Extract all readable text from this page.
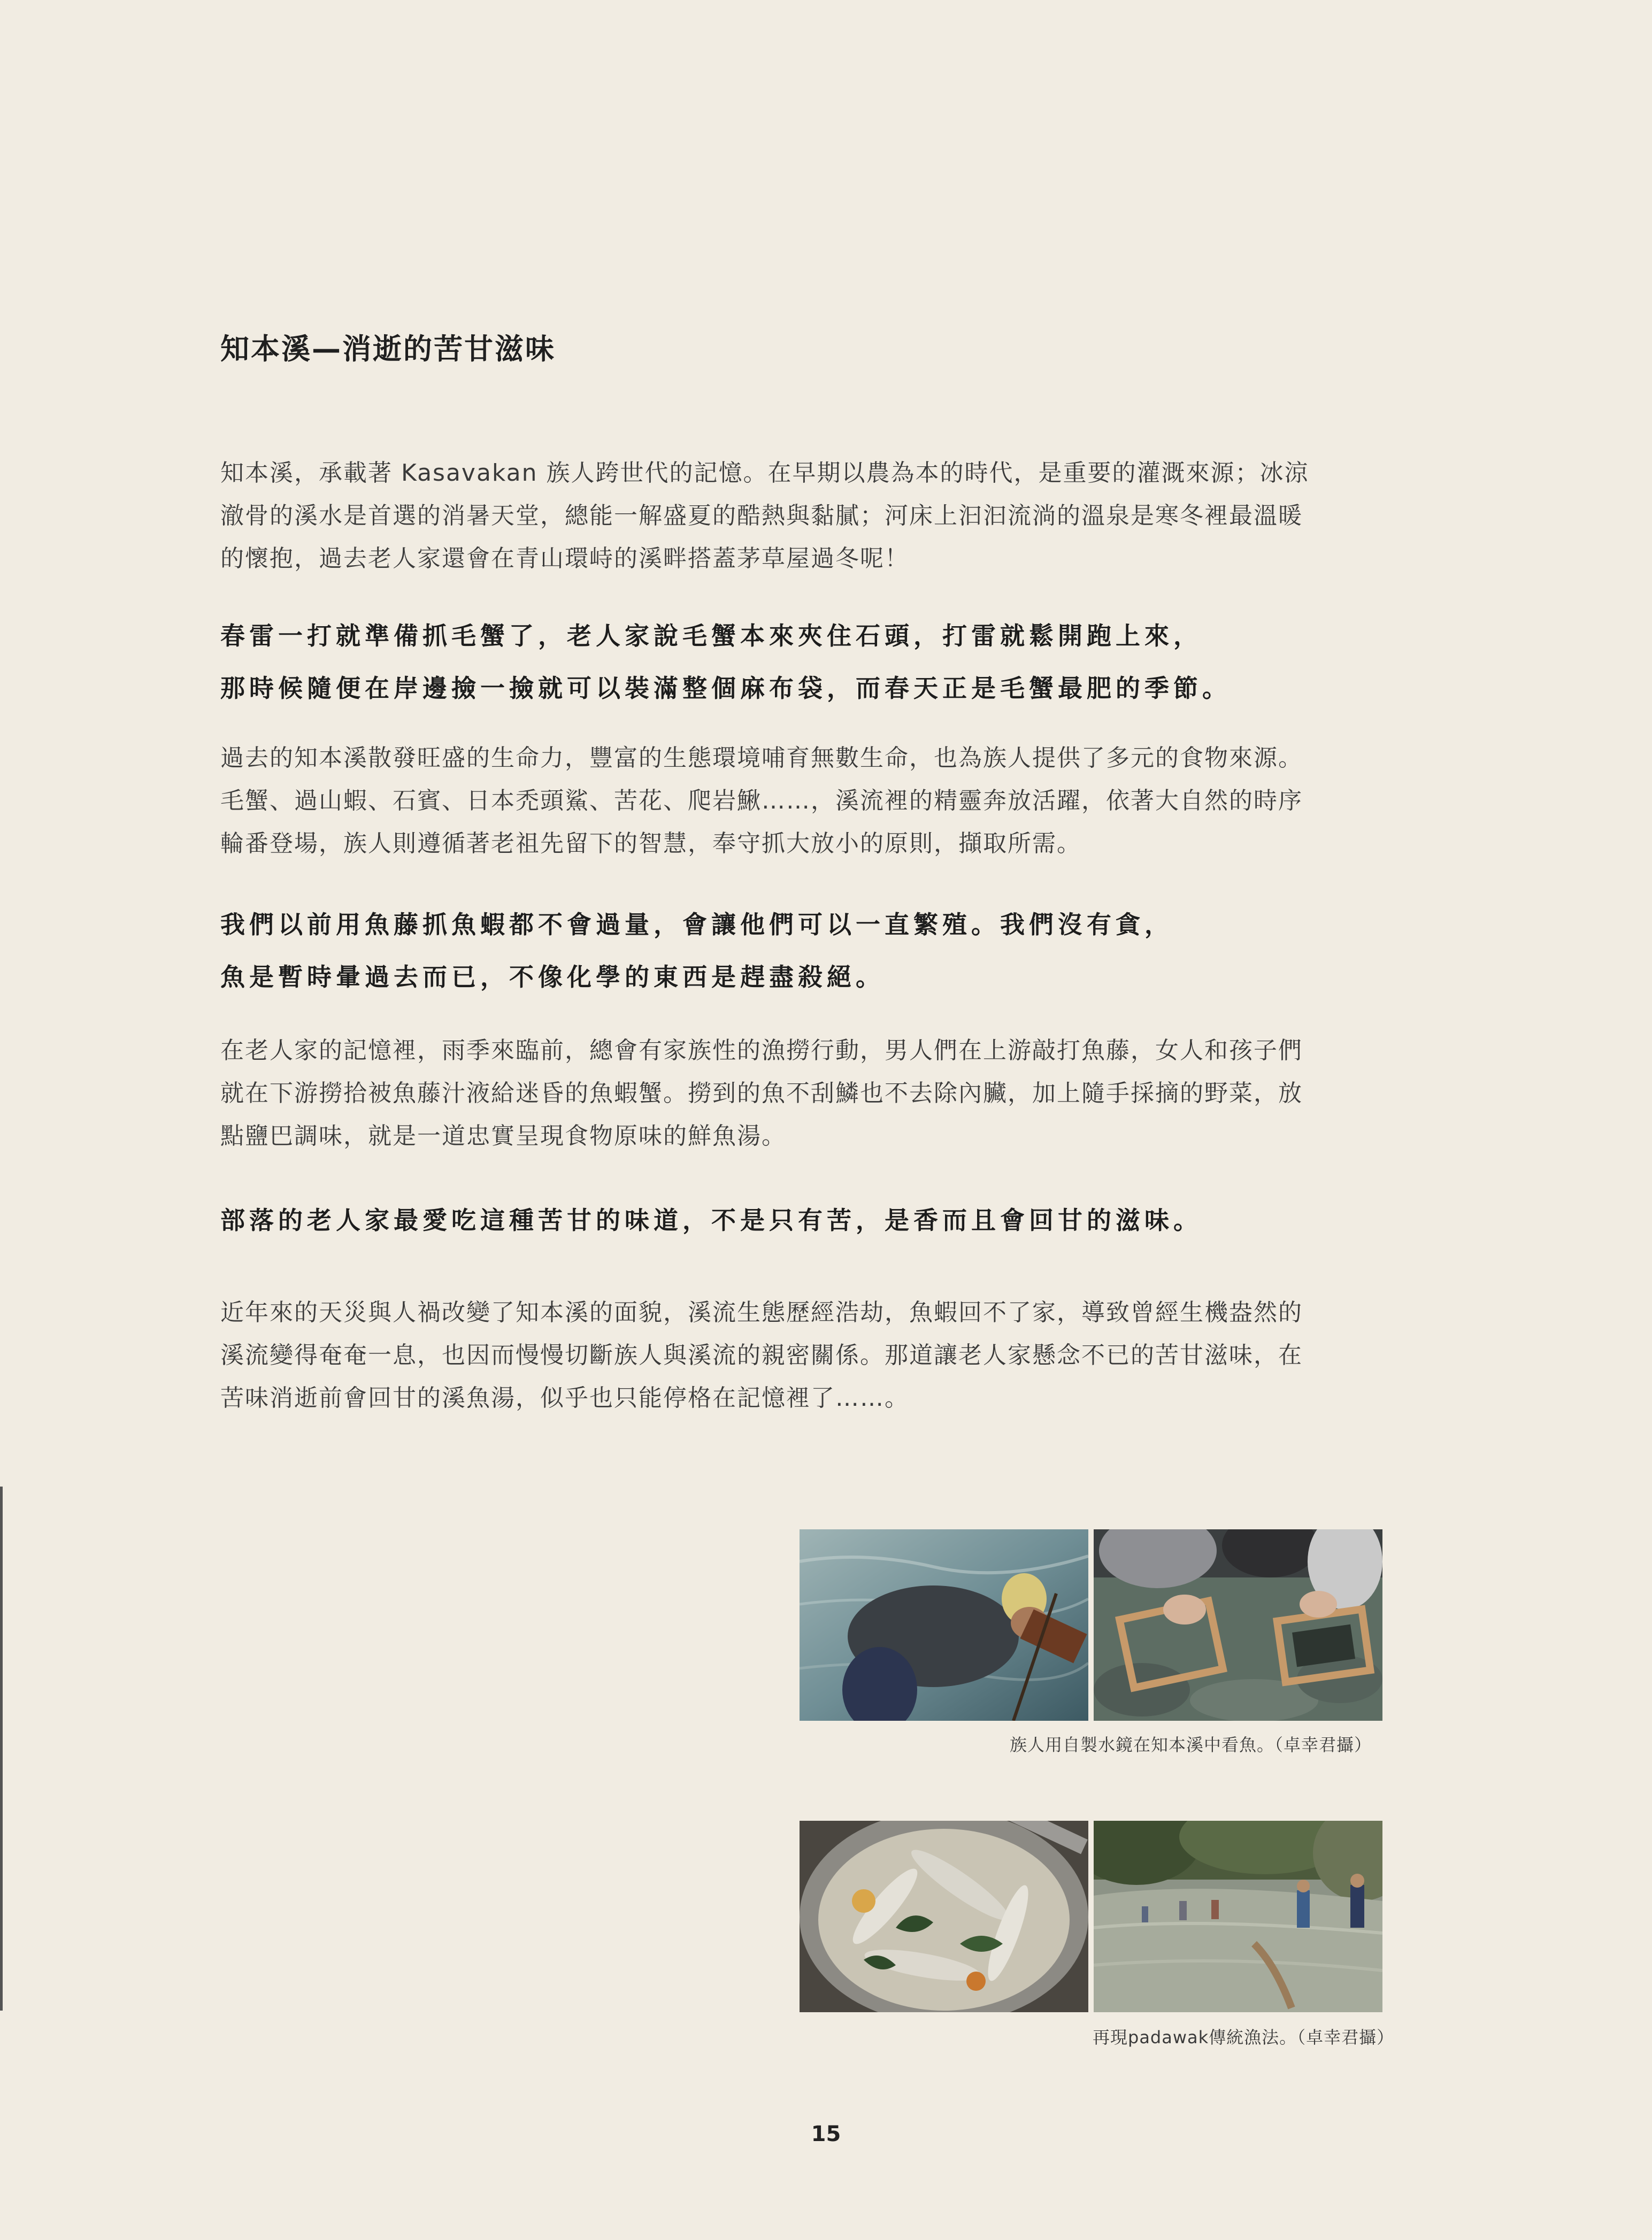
知本溪—消逝的苦甘滋味
知本溪，承載著 Kasavakan 族人跨世代的記憶。在早期以農為本的時代，是重要的灌溉來源；冰涼
澈骨的溪水是首選的消暑天堂，總能一解盛夏的酷熱與黏膩；河床上汩汩流淌的溫泉是寒冬裡最溫暖
的懷抱，過去老人家還會在青山環峙的溪畔搭蓋茅草屋過冬呢！
春雷一打就準備抓毛蟹了，老人家說毛蟹本來夾住石頭，打雷就鬆開跑上來，
那時候隨便在岸邊撿一撿就可以裝滿整個麻布袋，而春天正是毛蟹最肥的季節。
過去的知本溪散發旺盛的生命力，豐富的生態環境哺育無數生命，也為族人提供了多元的食物來源。
毛蟹、過山蝦、石賓、日本禿頭鯊、苦花、爬岩鰍……，溪流裡的精靈奔放活躍，依著大自然的時序
輪番登場，族人則遵循著老祖先留下的智慧，奉守抓大放小的原則，擷取所需。
我們以前用魚藤抓魚蝦都不會過量，會讓他們可以一直繁殖。我們沒有貪，
魚是暫時暈過去而已，不像化學的東西是趕盡殺絕。
在老人家的記憶裡，雨季來臨前，總會有家族性的漁撈行動，男人們在上游敲打魚藤，女人和孩子們
就在下游撈拾被魚藤汁液給迷昏的魚蝦蟹。撈到的魚不刮鱗也不去除內臟，加上隨手採摘的野菜，放
點鹽巴調味，就是一道忠實呈現食物原味的鮮魚湯。
部落的老人家最愛吃這種苦甘的味道，不是只有苦，是香而且會回甘的滋味。
近年來的天災與人禍改變了知本溪的面貌，溪流生態歷經浩劫，魚蝦回不了家，導致曾經生機盎然的
溪流變得奄奄一息，也因而慢慢切斷族人與溪流的親密關係。那道讓老人家懸念不已的苦甘滋味，在
苦味消逝前會回甘的溪魚湯，似乎也只能停格在記憶裡了……。
族人用自製水鏡在知本溪中看魚。（卓幸君攝）
再現padawak傳統漁法。（卓幸君攝）
15
